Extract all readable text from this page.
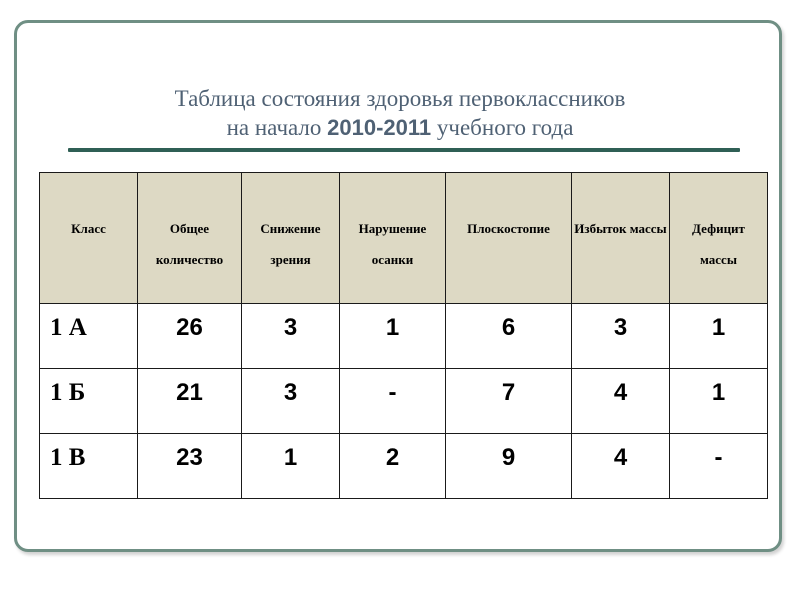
Таблица состояния здоровья первоклассников
на начало 2010-2011 учебного года
Класс	Общее количество	Снижение зрения	Нарушение осанки	Плоскостопие	Избыток массы	Дефицит массы
1 А	26	3	1	6	3	1
1 Б	21	3	-	7	4	1
1 В	23	1	2	9	4	-
